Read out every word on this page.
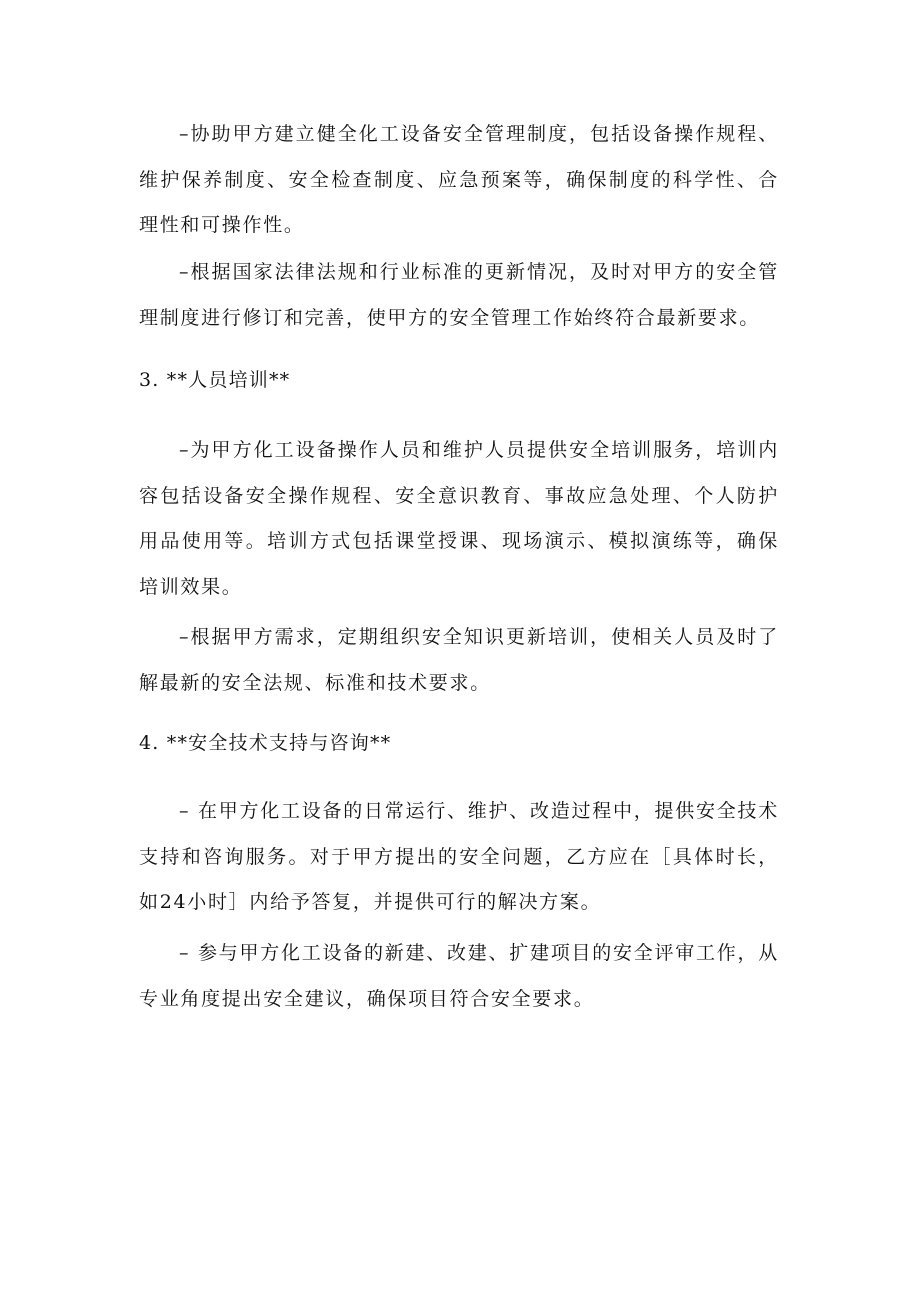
–协助甲方建立健全化工设备安全管理制度，包括设备操作规程、维护保养制度、安全检查制度、应急预案等，确保制度的科学性、合理性和可操作性。

–根据国家法律法规和行业标准的更新情况，及时对甲方的安全管理制度进行修订和完善，使甲方的安全管理工作始终符合最新要求。

3. **人员培训**

–为甲方化工设备操作人员和维护人员提供安全培训服务，培训内容包括设备安全操作规程、安全意识教育、事故应急处理、个人防护用品使用等。培训方式包括课堂授课、现场演示、模拟演练等，确保培训效果。

–根据甲方需求，定期组织安全知识更新培训，使相关人员及时了解最新的安全法规、标准和技术要求。

4. **安全技术支持与咨询**

– 在甲方化工设备的日常运行、维护、改造过程中，提供安全技术支持和咨询服务。对于甲方提出的安全问题，乙方应在［具体时长，如24小时］内给予答复，并提供可行的解决方案。

– 参与甲方化工设备的新建、改建、扩建项目的安全评审工作，从专业角度提出安全建议，确保项目符合安全要求。
